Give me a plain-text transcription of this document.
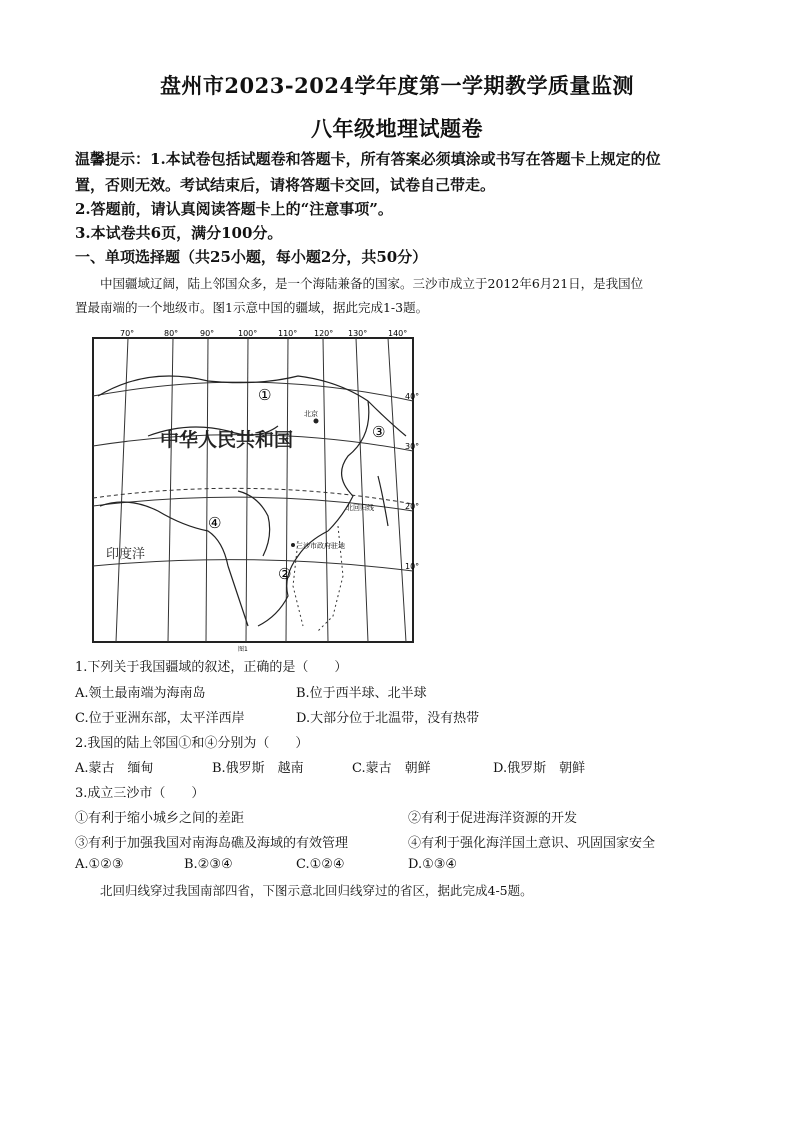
盘州市2023-2024学年度第一学期教学质量监测
八年级地理试题卷
温馨提示：1.本试卷包括试题卷和答题卡，所有答案必须填涂或书写在答题卡上规定的位
置，否则无效。考试结束后，请将答题卡交回，试卷自己带走。
2.答题前，请认真阅读答题卡上的“注意事项”。
3.本试卷共6页，满分100分。
一、单项选择题（共25小题，每小题2分，共50分）
中国疆域辽阔，陆上邻国众多，是一个海陆兼备的国家。三沙市成立于2012年6月21日，是我国位
置最南端的一个地级市。图1示意中国的疆域，据此完成1-3题。
70°	80°	90°	100°	110° 120° 130°	140°
40°
30°
20°
10°
中华人民共和国
印度洋
北京
北回归线
三沙市政府驻地
①
②
③
④
图1
1.下列关于我国疆域的叙述，正确的是（　　）
A.领土最南端为海南岛	B.位于西半球、北半球
C.位于亚洲东部，太平洋西岸	D.大部分位于北温带，没有热带
2.我国的陆上邻国①和④分别为（　　）
A.蒙古　缅甸	B.俄罗斯　越南	C.蒙古　朝鲜	D.俄罗斯　朝鲜
3.成立三沙市（　　）
①有利于缩小城乡之间的差距	②有利于促进海洋资源的开发
③有利于加强我国对南海岛礁及海域的有效管理	④有利于强化海洋国土意识、巩固国家安全
A.①②③	B.②③④	C.①②④	D.①③④
北回归线穿过我国南部四省，下图示意北回归线穿过的省区，据此完成4-5题。
